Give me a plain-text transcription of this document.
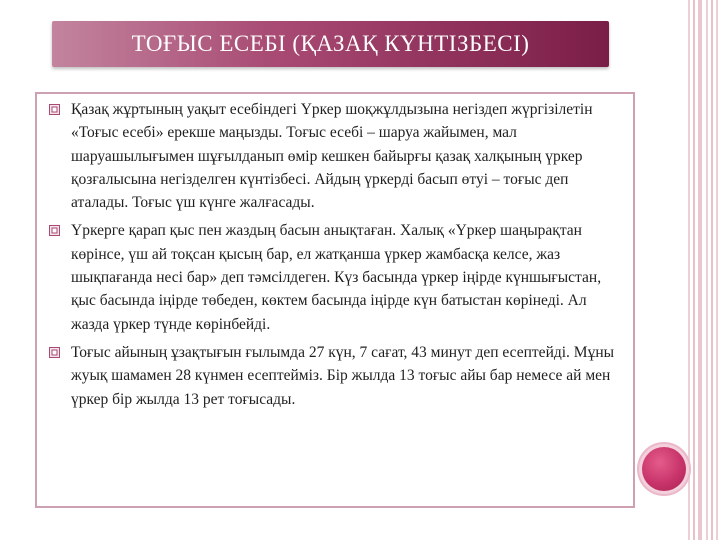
ТОҒЫС ЕСЕБІ (ҚАЗАҚ КҮНТІЗБЕСІ)
Қазақ жұртының уақыт есебіндегі Үркер шоқжұлдызына негіздеп жүргізілетін «Тоғыс есебі» ерекше маңызды. Тоғыс есебі – шаруа жайымен, мал шаруашылығымен шұғылданып өмір кешкен байырғы қазақ халқының үркер қозғалысына негізделген күнтізбесі. Айдың үркерді басып өтуі – тоғыс деп аталады. Тоғыс үш күнге жалғасады.
Үркерге қарап қыс пен жаздың басын анықтаған. Халық «Үркер шаңырақтан көрінсе, үш ай тоқсан қысың бар, ел жатқанша үркер жамбасқа келсе, жаз шықпағанда несі бар» деп тәмсілдеген. Күз басында үркер іңірде күншығыстан, қыс басында іңірде төбеден, көктем басында іңірде күн батыстан көрінеді. Ал жазда үркер түнде көрінбейді.
Тоғыс айының ұзақтығын ғылымда 27 күн, 7 сағат, 43 минут деп есептейді. Мұны жуық шамамен 28 күнмен есептейміз. Бір жылда 13 тоғыс айы бар немесе ай мен үркер бір жылда 13 рет тоғысады.
